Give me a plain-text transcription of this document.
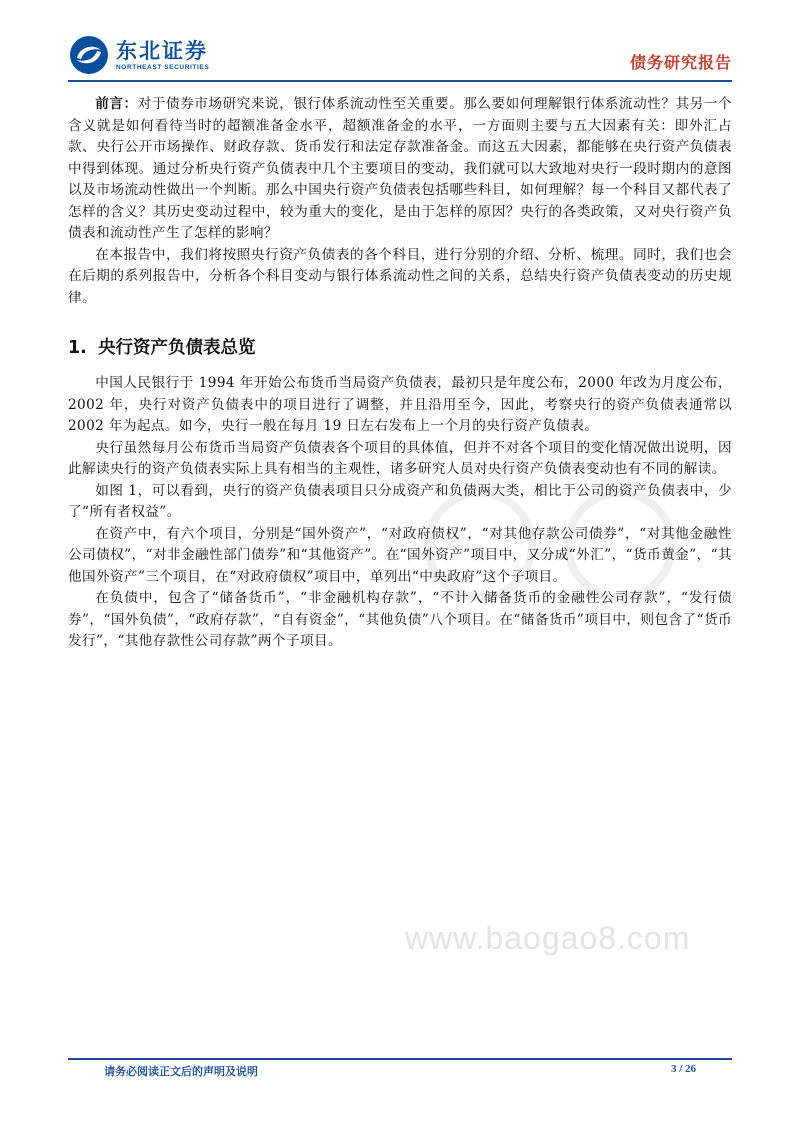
东北证券
NORTHEAST SECURITIES	债务研究报告
www.baogao8.com

前言：对于债券市场研究来说，银行体系流动性至关重要。那么要如何理解银行体系流动性？其另一个含义就是如何看待当时的超额准备金水平，超额准备金的水平，一方面则主要与五大因素有关：即外汇占款、央行公开市场操作、财政存款、货币发行和法定存款准备金。而这五大因素，都能够在央行资产负债表中得到体现。通过分析央行资产负债表中几个主要项目的变动，我们就可以大致地对央行一段时期内的意图以及市场流动性做出一个判断。那么中国央行资产负债表包括哪些科目，如何理解？每一个科目又都代表了怎样的含义？其历史变动过程中，较为重大的变化，是由于怎样的原因？央行的各类政策，又对央行资产负债表和流动性产生了怎样的影响？

在本报告中，我们将按照央行资产负债表的各个科目，进行分别的介绍、分析、梳理。同时，我们也会在后期的系列报告中，分析各个科目变动与银行体系流动性之间的关系，总结央行资产负债表变动的历史规律。

1. 央行资产负债表总览

中国人民银行于 1994 年开始公布货币当局资产负债表，最初只是年度公布，2000 年改为月度公布，2002 年，央行对资产负债表中的项目进行了调整，并且沿用至今，因此，考察央行的资产负债表通常以 2002 年为起点。如今，央行一般在每月 19 日左右发布上一个月的央行资产负债表。

央行虽然每月公布货币当局资产负债表各个项目的具体值，但并不对各个项目的变化情况做出说明，因此解读央行的资产负债表实际上具有相当的主观性，诸多研究人员对央行资产负债表变动也有不同的解读。

如图 1，可以看到，央行的资产负债表项目只分成资产和负债两大类，相比于公司的资产负债表中，少了“所有者权益”。

在资产中，有六个项目，分别是“国外资产”，“对政府债权”，“对其他存款公司债券”，“对其他金融性公司债权”，“对非金融性部门债券”和“其他资产”。在“国外资产”项目中，又分成“外汇”，“货币黄金”，“其他国外资产”三个项目，在“对政府债权”项目中，单列出“中央政府”这个子项目。

在负债中，包含了“储备货币”，“非金融机构存款”，“不计入储备货币的金融性公司存款”，“发行债券”，“国外负债”，“政府存款”，“自有资金”，“其他负债”八个项目。在“储备货币”项目中，则包含了“货币发行”，“其他存款性公司存款”两个子项目。

请务必阅读正文后的声明及说明	3 / 26
